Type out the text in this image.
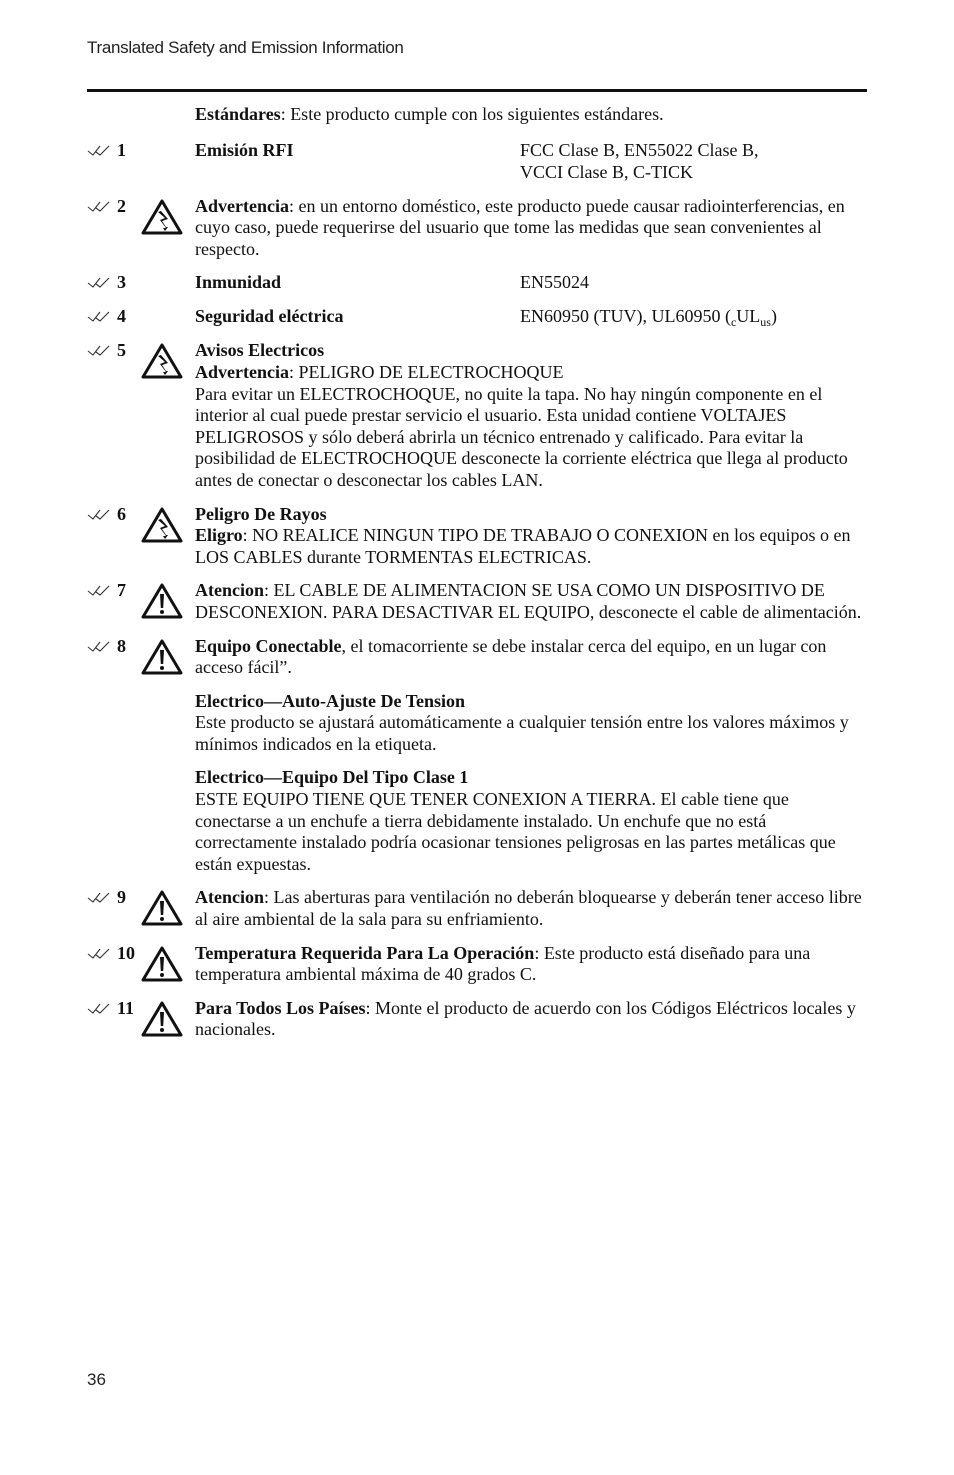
Translated Safety and Emission Information
Estándares: Este producto cumple con los siguientes estándares.
1	Emisión RFI	FCC Clase B, EN55022 Clase B,
VCCI Clase B, C-TICK
2	Advertencia: en un entorno doméstico, este producto puede causar radiointerferencias, en cuyo caso, puede requerirse del usuario que tome las medidas que sean convenientes al respecto.
3	Inmunidad	EN55024
4	Seguridad eléctrica	EN60950 (TUV), UL60950 $(_cUL_{us})$
5	Avisos Electricos
Advertencia: PELIGRO DE ELECTROCHOQUE
Para evitar un ELECTROCHOQUE, no quite la tapa. No hay ningún componente en el interior al cual puede prestar servicio el usuario. Esta unidad contiene VOLTAJES PELIGROSOS y sólo deberá abrirla un técnico entrenado y calificado. Para evitar la posibilidad de ELECTROCHOQUE desconecte la corriente eléctrica que llega al producto antes de conectar o desconectar los cables LAN.
6	Peligro De Rayos
Eligro: NO REALICE NINGUN TIPO DE TRABAJO O CONEXION en los equipos o en LOS CABLES durante TORMENTAS ELECTRICAS.
7	Atencion: EL CABLE DE ALIMENTACION SE USA COMO UN DISPOSITIVO DE DESCONEXION. PARA DESACTIVAR EL EQUIPO, desconecte el cable de alimentación.
8	Equipo Conectable, el tomacorriente se debe instalar cerca del equipo, en un lugar con acceso fácil”.
Electrico—Auto-Ajuste De Tension
Este producto se ajustará automáticamente a cualquier tensión entre los valores máximos y mínimos indicados en la etiqueta.
Electrico—Equipo Del Tipo Clase 1
ESTE EQUIPO TIENE QUE TENER CONEXION A TIERRA. El cable tiene que conectarse a un enchufe a tierra debidamente instalado. Un enchufe que no está correctamente instalado podría ocasionar tensiones peligrosas en las partes metálicas que están expuestas.
9	Atencion: Las aberturas para ventilación no deberán bloquearse y deberán tener acceso libre al aire ambiental de la sala para su enfriamiento.
10	Temperatura Requerida Para La Operación: Este producto está diseñado para una temperatura ambiental máxima de 40 grados C.
11	Para Todos Los Países: Monte el producto de acuerdo con los Códigos Eléctricos locales y nacionales.
36
